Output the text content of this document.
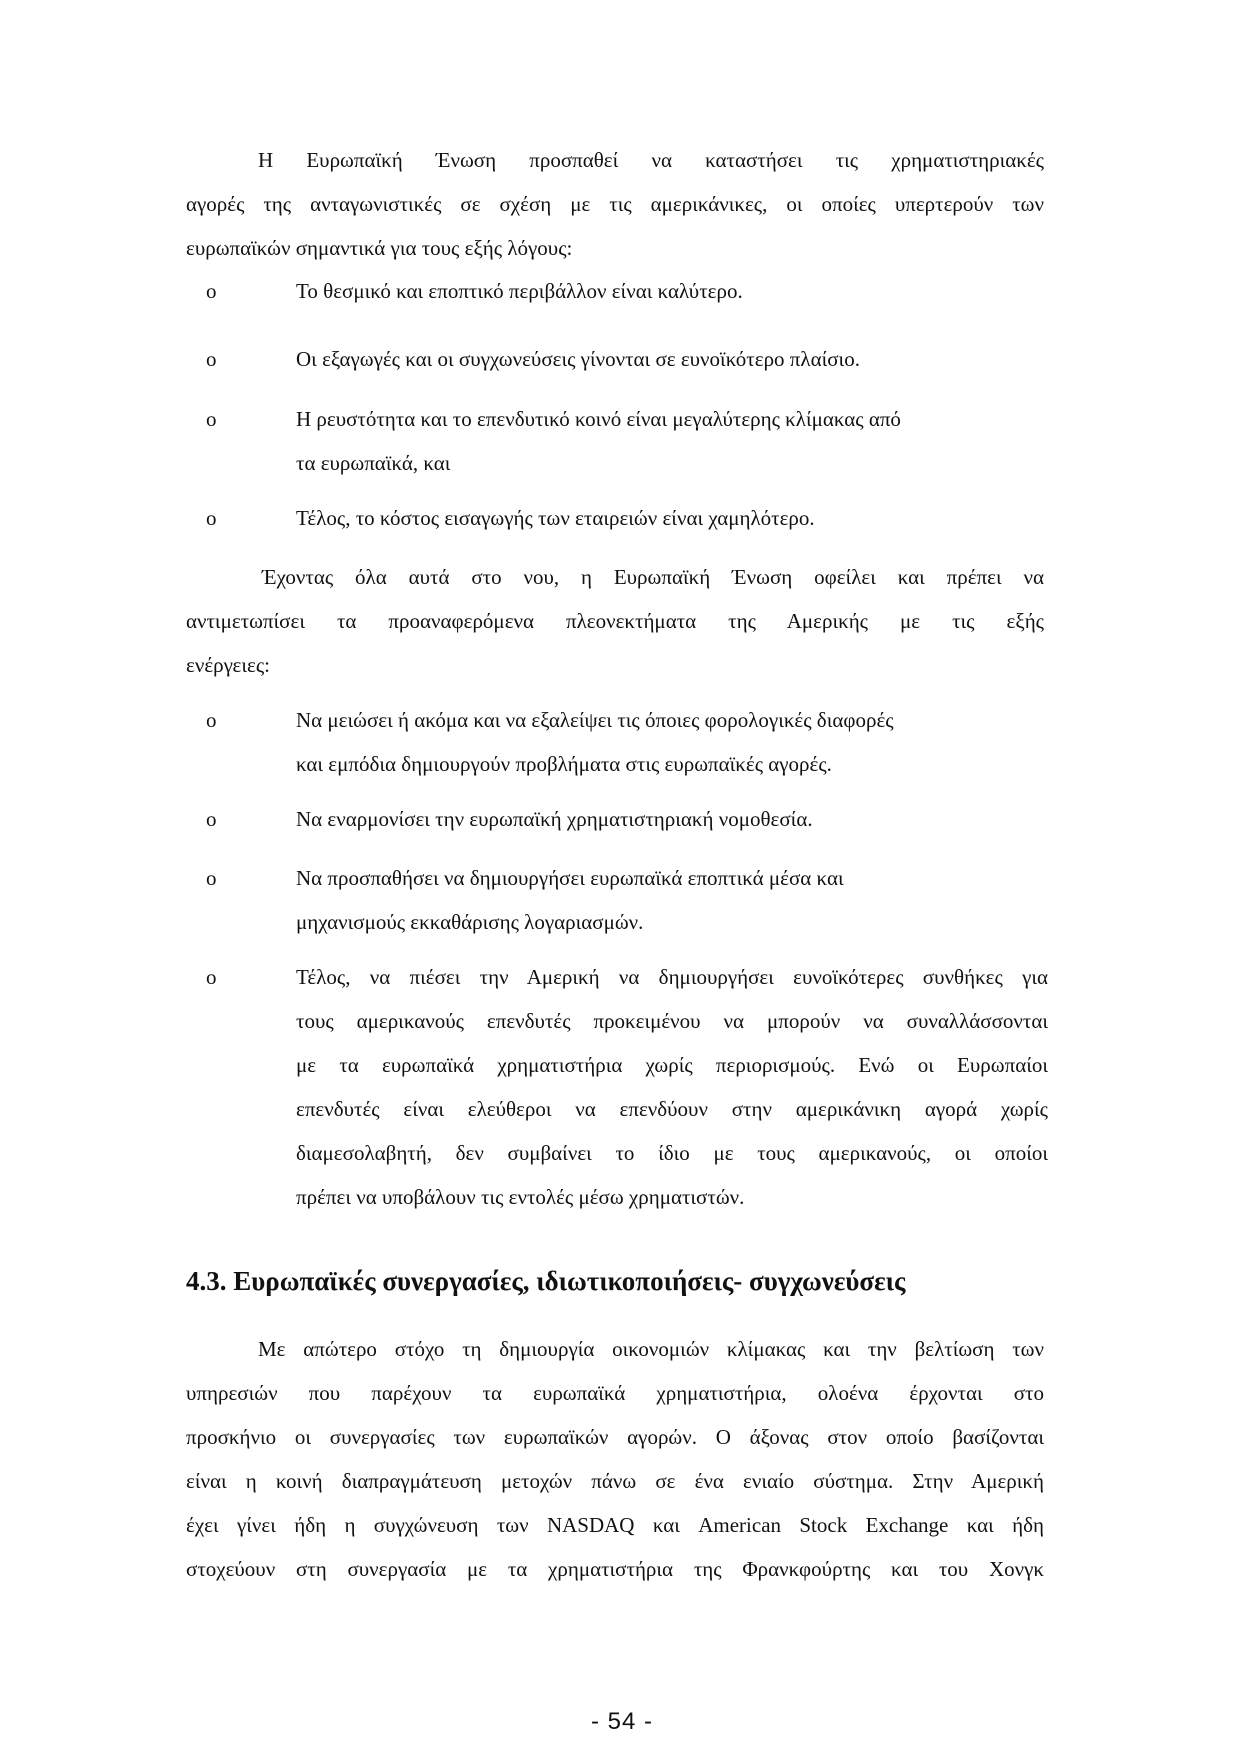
Η Ευρωπαϊκή Ένωση προσπαθεί να καταστήσει τις χρηματιστηριακές
αγορές της ανταγωνιστικές σε σχέση με τις αμερικάνικες, οι οποίες υπερτερούν των
ευρωπαϊκών σημαντικά για τους εξής λόγους:
o	Το θεσμικό και εποπτικό περιβάλλον είναι καλύτερο.
o	Οι εξαγωγές και οι συγχωνεύσεις γίνονται σε ευνοϊκότερο πλαίσιο.
o	Η ρευστότητα και το επενδυτικό κοινό είναι μεγαλύτερης κλίμακας από
τα ευρωπαϊκά, και
o	Τέλος, το κόστος εισαγωγής των εταιρειών είναι χαμηλότερο.
Έχοντας όλα αυτά στο νου, η Ευρωπαϊκή Ένωση οφείλει και πρέπει να
αντιμετωπίσει τα προαναφερόμενα πλεονεκτήματα της Αμερικής με τις εξής
ενέργειες:
o	Να μειώσει ή ακόμα και να εξαλείψει τις όποιες φορολογικές διαφορές
και εμπόδια δημιουργούν προβλήματα στις ευρωπαϊκές αγορές.
o	Να εναρμονίσει την ευρωπαϊκή χρηματιστηριακή νομοθεσία.
o	Να προσπαθήσει να δημιουργήσει ευρωπαϊκά εποπτικά μέσα και
μηχανισμούς εκκαθάρισης λογαριασμών.
o	Τέλος, να πιέσει την Αμερική να δημιουργήσει ευνοϊκότερες συνθήκες για
τους αμερικανούς επενδυτές προκειμένου να μπορούν να συναλλάσσονται
με τα ευρωπαϊκά χρηματιστήρια χωρίς περιορισμούς. Ενώ οι Ευρωπαίοι
επενδυτές είναι ελεύθεροι να επενδύουν στην αμερικάνικη αγορά χωρίς
διαμεσολαβητή, δεν συμβαίνει το ίδιο με τους αμερικανούς, οι οποίοι
πρέπει να υποβάλουν τις εντολές μέσω χρηματιστών.
4.3. Ευρωπαϊκές συνεργασίες, ιδιωτικοποιήσεις- συγχωνεύσεις
Με απώτερο στόχο τη δημιουργία οικονομιών κλίμακας και την βελτίωση των
υπηρεσιών που παρέχουν τα ευρωπαϊκά χρηματιστήρια, ολοένα έρχονται στο
προσκήνιο οι συνεργασίες των ευρωπαϊκών αγορών. Ο άξονας στον οποίο βασίζονται
είναι η κοινή διαπραγμάτευση μετοχών πάνω σε ένα ενιαίο σύστημα. Στην Αμερική
έχει γίνει ήδη η συγχώνευση των NASDAQ και American Stock Exchange και ήδη
στοχεύουν στη συνεργασία με τα χρηματιστήρια της Φρανκφούρτης και του Χονγκ
- 54 -
